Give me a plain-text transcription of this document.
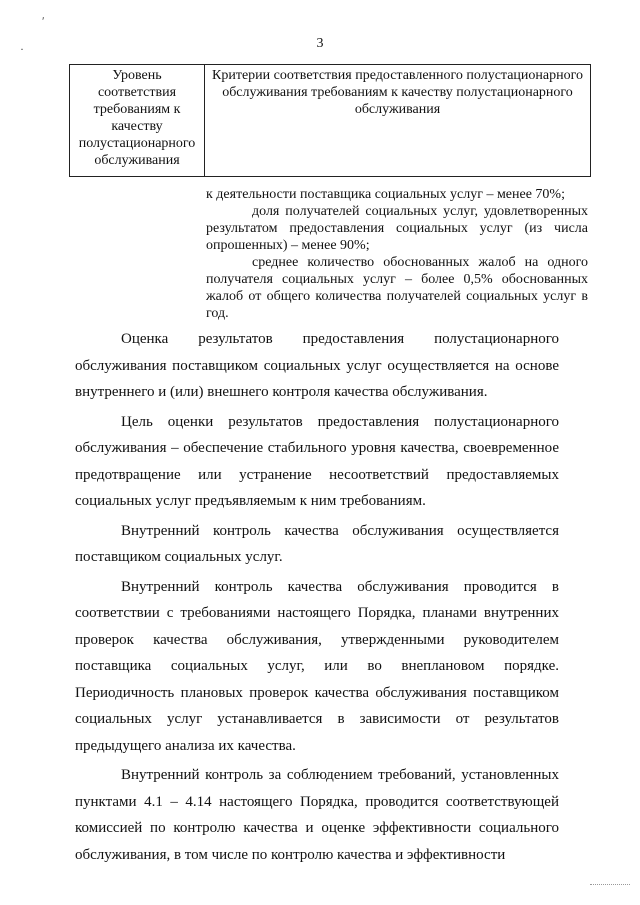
ʹ
·	3
Уровень соответствия требованиям к качеству полустационарного обслуживания	Критерии соответствия предоставленного полустационарного обслуживания требованиям к качеству полустационарного обслуживания

к деятельности поставщика социальных услуг – менее 70%;

доля получателей социальных услуг, удовлетворенных результатом предоставления социальных услуг (из числа опрошенных) – менее 90%;

среднее количество обоснованных жалоб на одного получателя социальных услуг – более 0,5% обоснованных жалоб от общего количества получателей социальных услуг в год.

Оценка результатов предоставления полустационарного обслуживания поставщиком социальных услуг осуществляется на основе внутреннего и (или) внешнего контроля качества обслуживания.

Цель оценки результатов предоставления полустационарного обслуживания – обеспечение стабильного уровня качества, своевременное предотвращение или устранение несоответствий предоставляемых социальных услуг предъявляемым к ним требованиям.

Внутренний контроль качества обслуживания осуществляется поставщиком социальных услуг.

Внутренний контроль качества обслуживания проводится в соответствии с требованиями настоящего Порядка, планами внутренних проверок качества обслуживания, утвержденными руководителем поставщика социальных услуг, или во внеплановом порядке. Периодичность плановых проверок качества обслуживания поставщиком социальных услуг устанавливается в зависимости от результатов предыдущего анализа их качества.

Внутренний контроль за соблюдением требований, установленных пунктами 4.1 – 4.14 настоящего Порядка, проводится соответствующей комиссией по контролю качества и оценке эффективности социального обслуживания, в том числе по контролю качества и эффективности
